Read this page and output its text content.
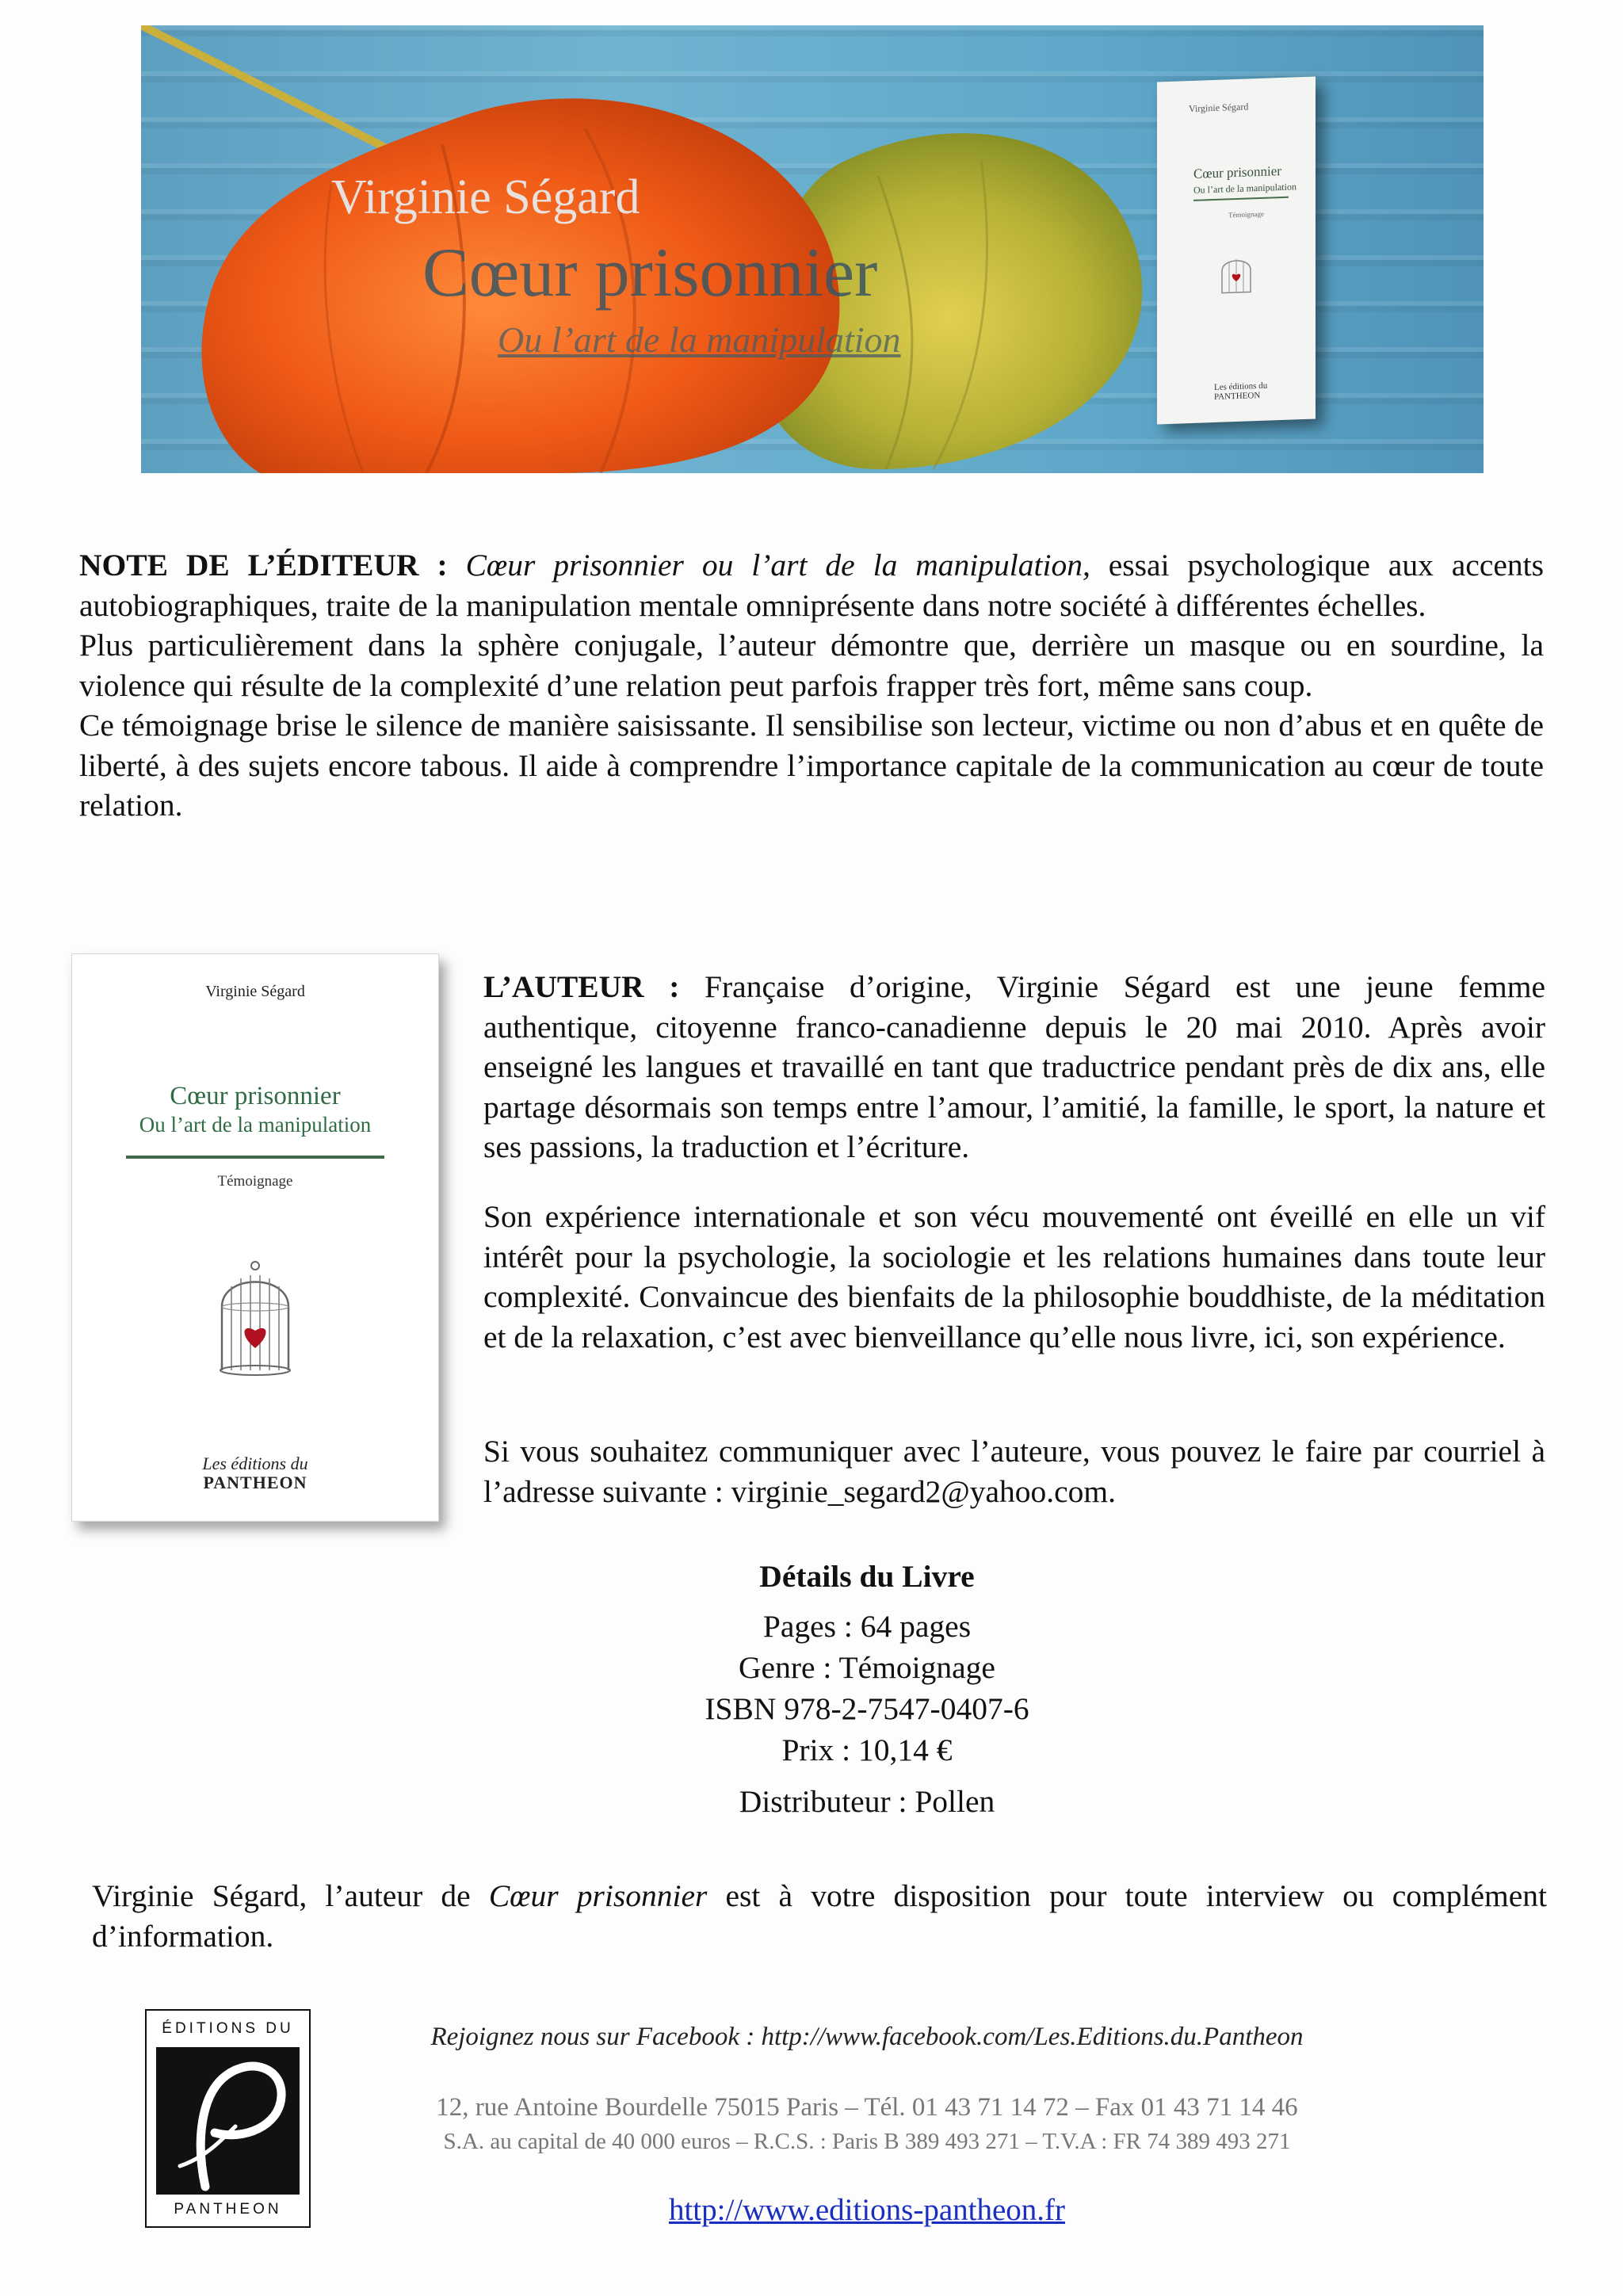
Virginie Ségard
Cœur prisonnier
Ou l’art de la manipulation
Virginie Ségard
Cœur prisonnier
Ou l’art de la manipulation
Témoignage
Les éditions du
PANTHEON
NOTE DE L’ÉDITEUR : Cœur prisonnier ou l’art de la manipulation, essai psychologique aux accents autobiographiques, traite de la manipulation mentale omniprésente dans notre société à différentes échelles.
Plus particulièrement dans la sphère conjugale, l’auteur démontre que, derrière un masque ou en sourdine, la violence qui résulte de la complexité d’une relation peut parfois frapper très fort, même sans coup.
Ce témoignage brise le silence de manière saisissante. Il sensibilise son lecteur, victime ou non d’abus et en quête de liberté, à des sujets encore tabous. Il aide à comprendre l’importance capitale de la communication au cœur de toute relation.
Virginie Ségard
Cœur prisonnier
Ou l’art de la manipulation
Témoignage
Les éditions du
PANTHEON
L’AUTEUR : Française d’origine, Virginie Ségard est une jeune femme authentique, citoyenne franco-canadienne depuis le 20 mai 2010. Après avoir enseigné les langues et travaillé en tant que traductrice pendant près de dix ans, elle partage désormais son temps entre l’amour, l’amitié, la famille, le sport, la nature et ses passions, la traduction et l’écriture.
Son expérience internationale et son vécu mouvementé ont éveillé en elle un vif intérêt pour la psychologie, la sociologie et les relations humaines dans toute leur complexité. Convaincue des bienfaits de la philosophie bouddhiste, de la méditation et de la relaxation, c’est avec bienveillance qu’elle nous livre, ici, son expérience.
Si vous souhaitez communiquer avec l’auteure, vous pouvez le faire par courriel à l’adresse suivante : virginie_segard2@yahoo.com.
Détails du Livre
Pages : 64 pages
Genre : Témoignage
ISBN 978-2-7547-0407-6
Prix : 10,14 €
Distributeur : Pollen
Virginie Ségard, l’auteur de Cœur prisonnier est à votre disposition pour toute interview ou complément d’information.
ÉDITIONS DU
PANTHEON
Rejoignez nous sur Facebook : http://www.facebook.com/Les.Editions.du.Pantheon
12, rue Antoine Bourdelle 75015 Paris – Tél. 01 43 71 14 72 – Fax 01 43 71 14 46
S.A. au capital de 40 000 euros – R.C.S. : Paris B 389 493 271 – T.V.A : FR 74 389 493 271
http://www.editions-pantheon.fr
